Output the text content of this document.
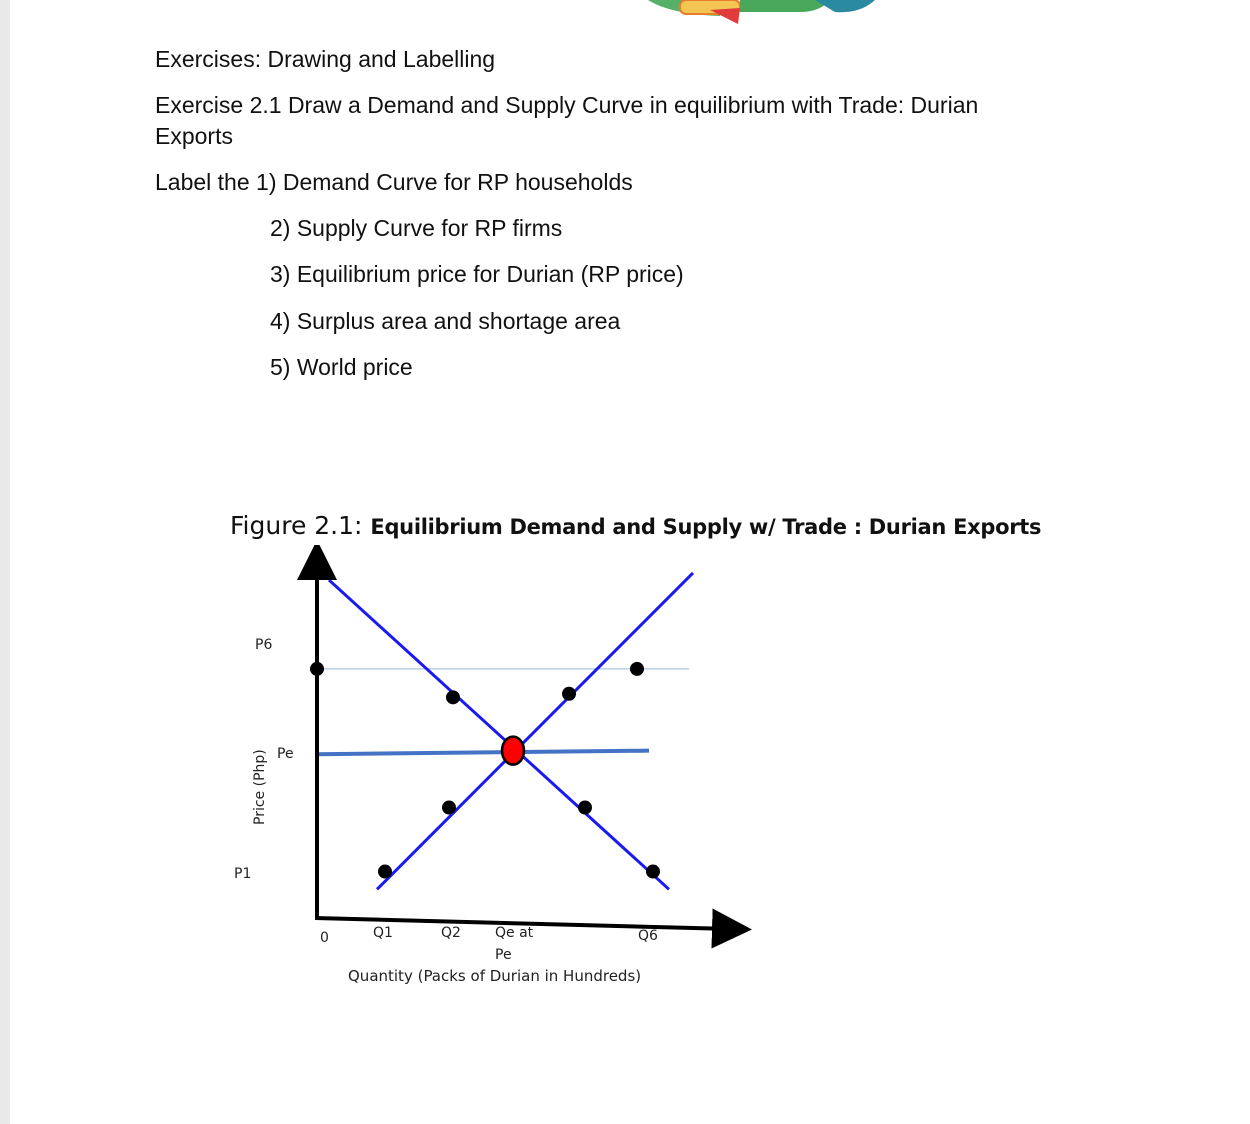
Exercises: Drawing and Labelling
Exercise 2.1 Draw a Demand and Supply Curve in equilibrium with Trade: Durian
Exports
Label the 1) Demand Curve for RP households
2) Supply Curve for RP firms
3) Equilibrium price for Durian (RP price)
4) Surplus area and shortage area
5) World price
Figure 2.1: Equilibrium Demand and Supply w/ Trade : Durian Exports
P6
Pe
P1
Price (Php)
0	Q1	Q2 Qe at
Pe
Q6
Quantity (Packs of Durian in Hundreds)
